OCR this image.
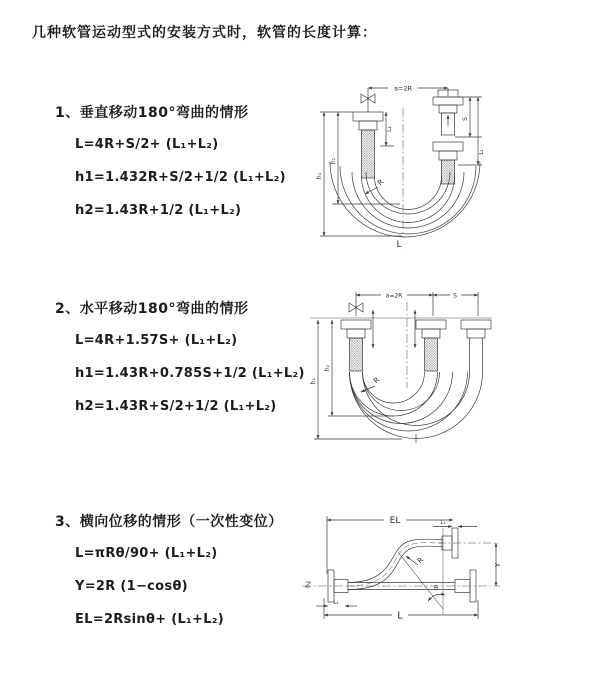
几种软管运动型式的安装方式时，软管的长度计算：
1、垂直移动180°弯曲的情形
L=4R+S/2+ (L₁+L₂)
h1=1.432R+S/2+1/2 (L₁+L₂)
h2=1.43R+1/2 (L₁+L₂)
2、水平移动180°弯曲的情形
L=4R+1.57S+ (L₁+L₂)
h1=1.43R+0.785S+1/2 (L₁+L₂)
h2=1.43R+S/2+1/2 (L₁+L₂)
3、横向位移的情形（一次性变位）
L=πRθ/90+ (L₁+L₂)
Y=2R (1−cosθ)
EL=2Rsinθ+ (L₁+L₂)
a=2R
L₁
S
L₂
h₂
h₁
R
L
a=2R	S
h₂
h₁	R
EL	L₁
Y
θ
R
L₂
L
